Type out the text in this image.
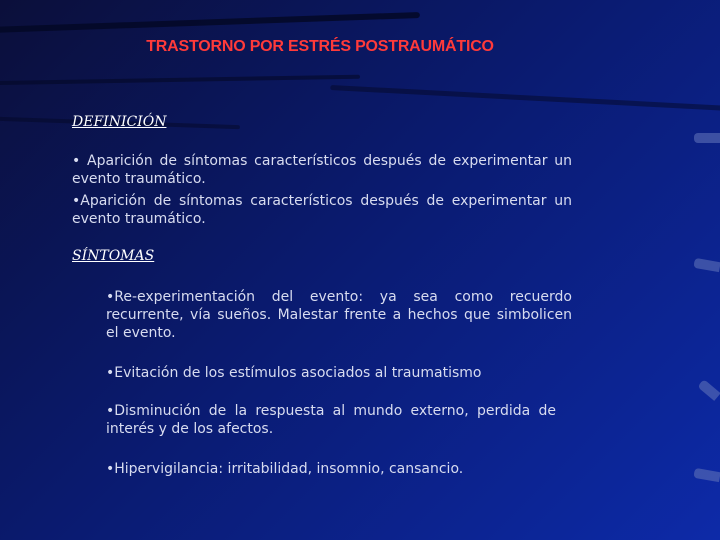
TRASTORNO POR ESTRÉS POSTRAUMÁTICO
DEFINICIÓN
• Aparición de síntomas característicos después de experimentar un evento traumático.
•Aparición de síntomas característicos después de experimentar un evento traumático.
SÍNTOMAS
•Re-experimentación del evento: ya sea como recuerdo recurrente, vía sueños. Malestar frente a hechos que simbolicen el evento.
•Evitación de los estímulos asociados al traumatismo
•Disminución de la respuesta al mundo externo, perdida de interés y de los afectos.
•Hipervigilancia: irritabilidad, insomnio, cansancio.
